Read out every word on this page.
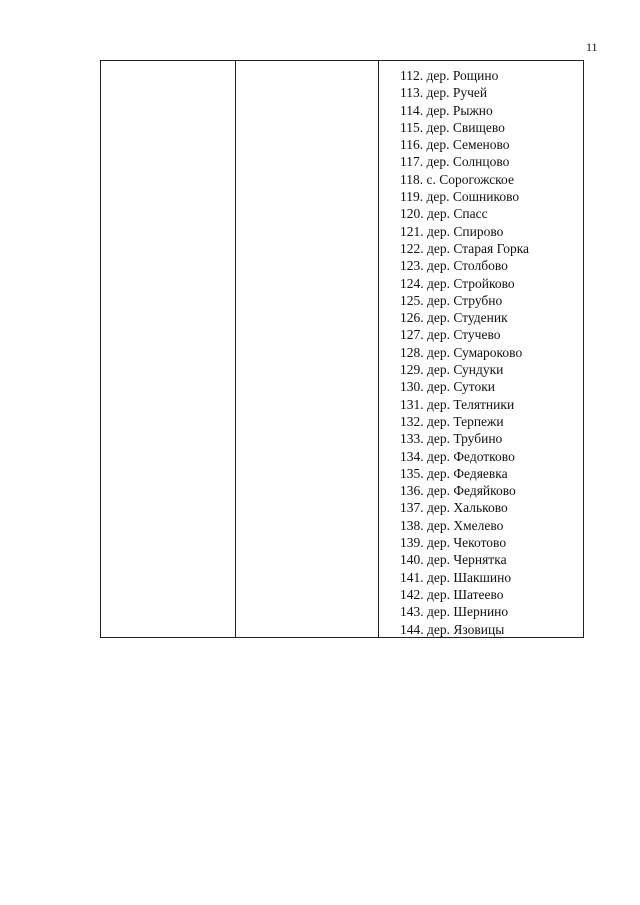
11
112. дер. Рощино
113. дер. Ручей
114. дер. Рыжно
115. дер. Свищево
116. дер. Семеново
117. дер. Солнцово
118. с. Сорогожское
119. дер. Сошниково
120. дер. Спасс
121. дер. Спирово
122. дер. Старая Горка
123. дер. Столбово
124. дер. Стройково
125. дер. Струбно
126. дер. Студеник
127. дер. Стучево
128. дер. Сумароково
129. дер. Сундуки
130. дер. Сутоки
131. дер. Телятники
132. дер. Терпежи
133. дер. Трубино
134. дер. Федотково
135. дер. Федяевка
136. дер. Федяйково
137. дер. Хальково
138. дер. Хмелево
139. дер. Чекотово
140. дер. Чернятка
141. дер. Шакшино
142. дер. Шатеево
143. дер. Шернино
144. дер. Язовицы
